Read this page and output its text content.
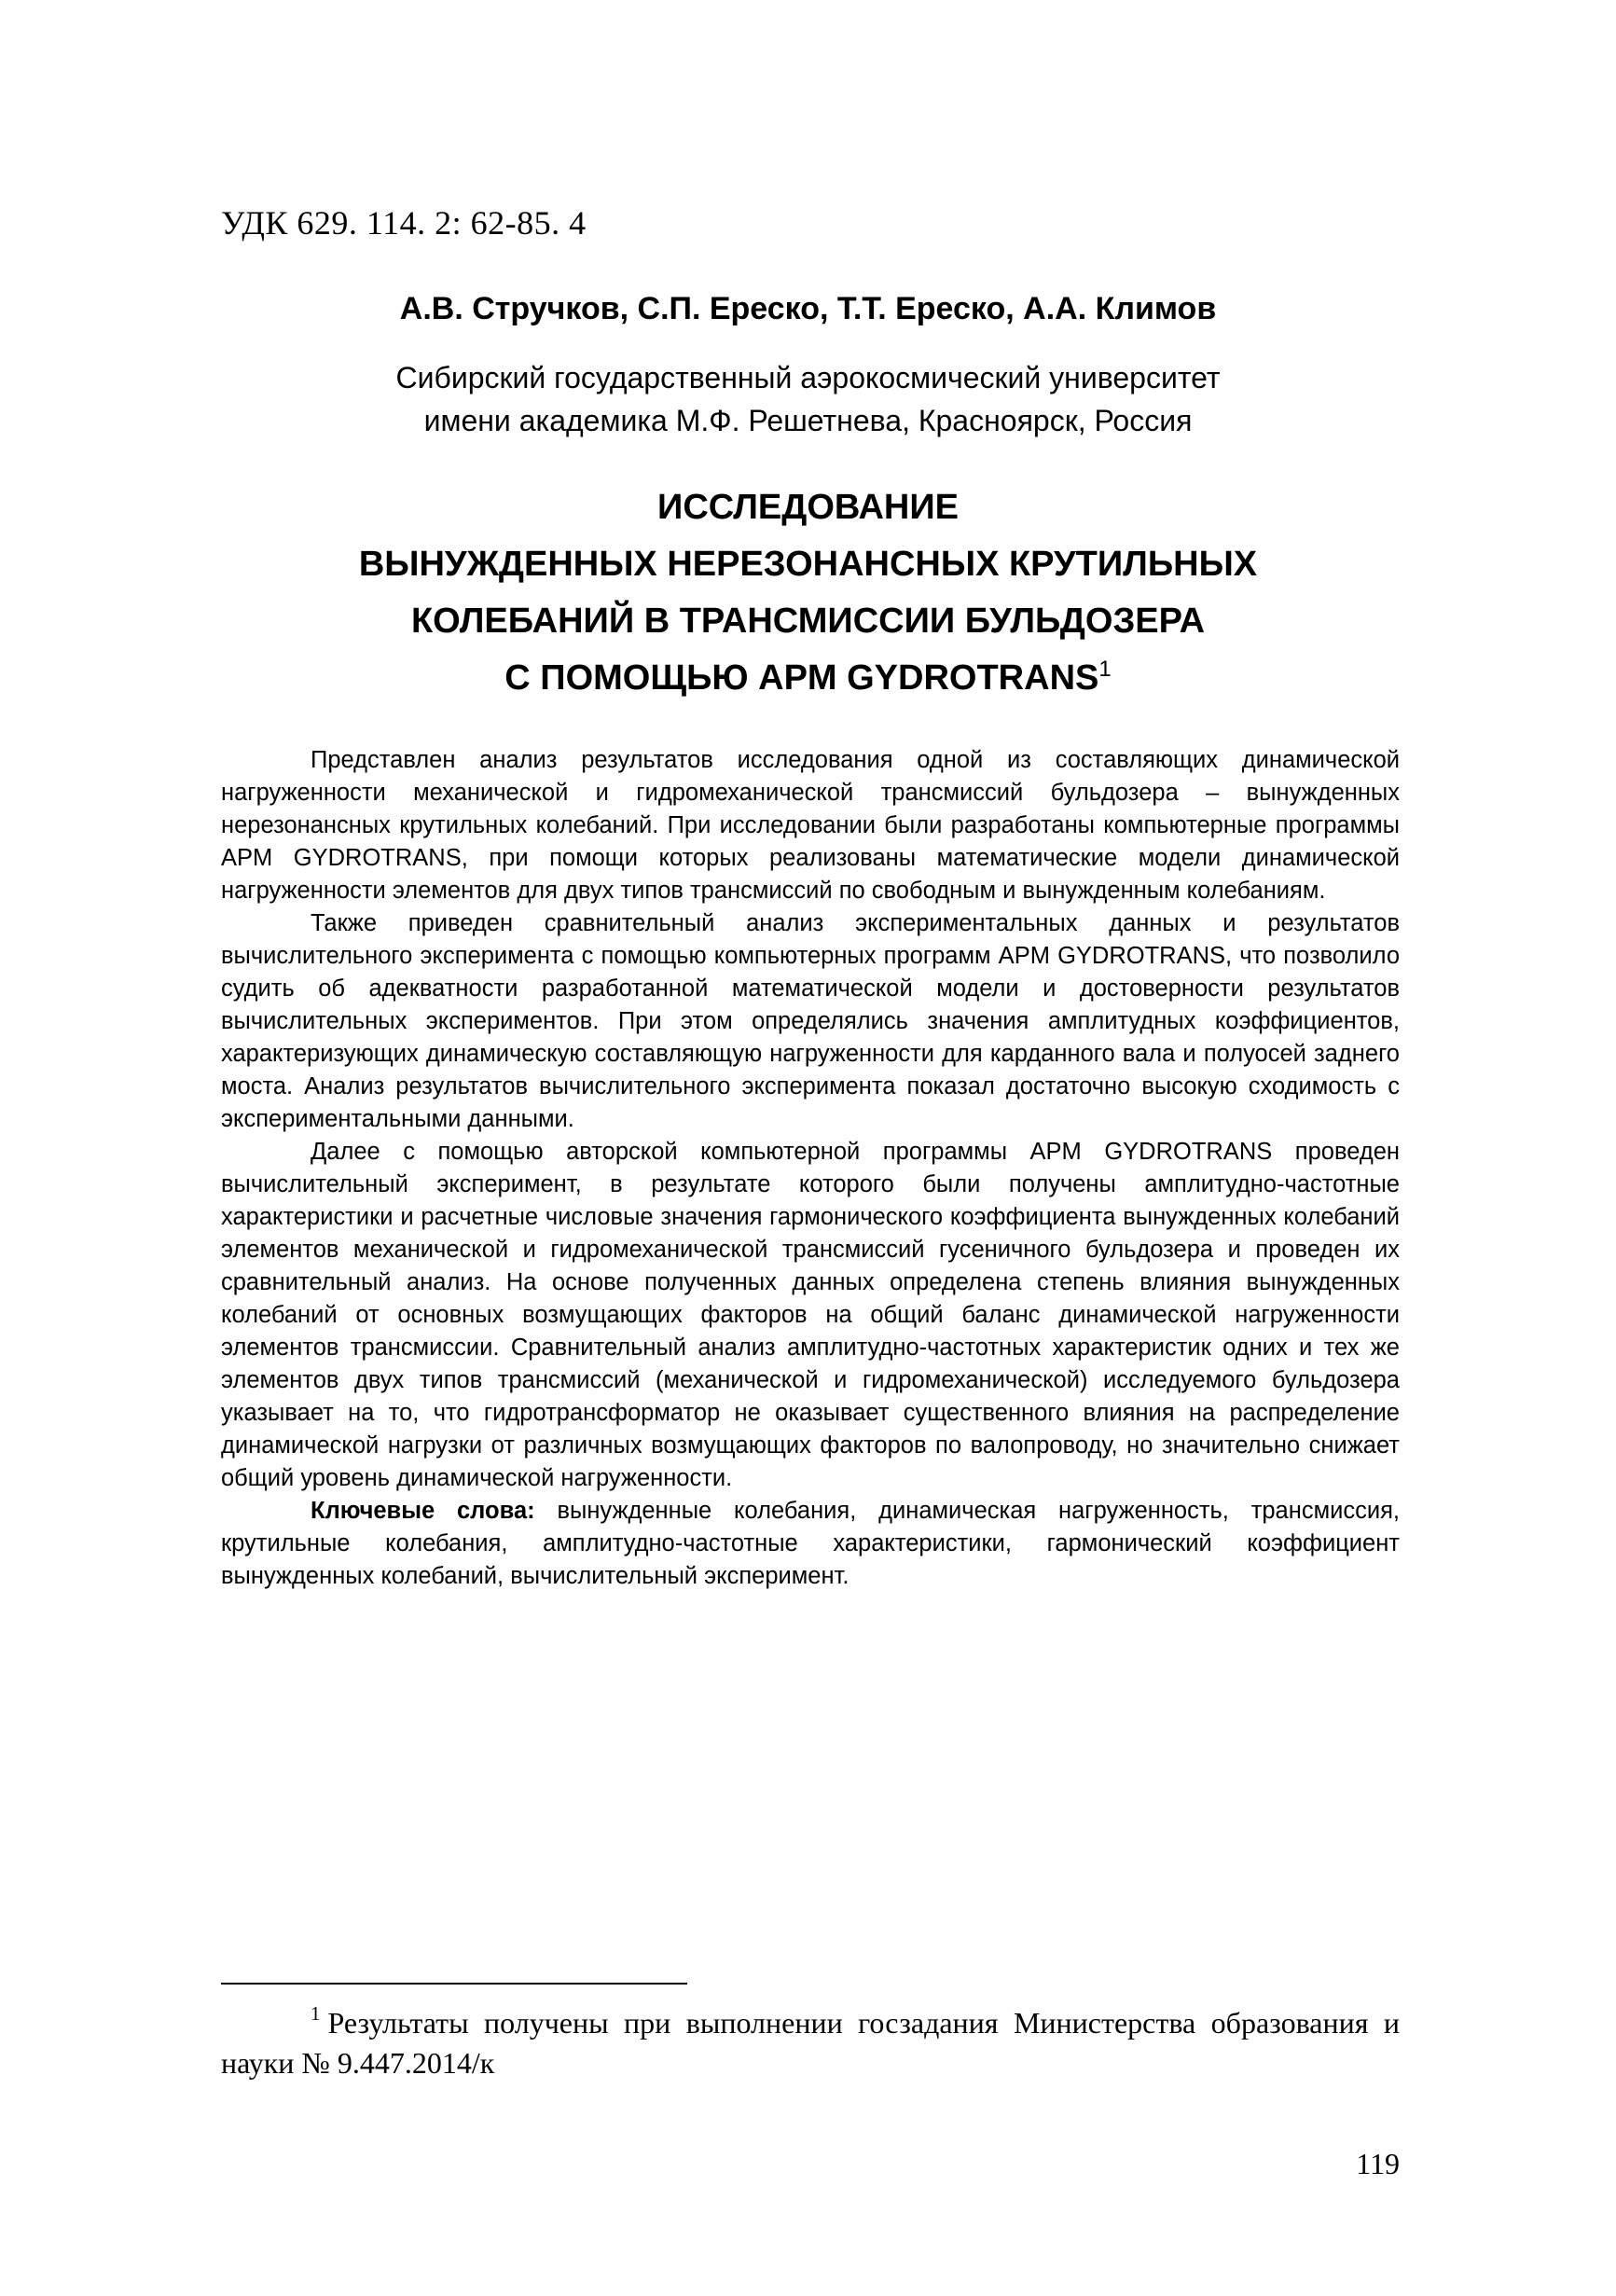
УДК 629. 114. 2: 62-85. 4
А.В. Стручков, С.П. Ереско, Т.Т. Ереско, А.А. Климов
Сибирский государственный аэрокосмический университет
имени академика М.Ф. Решетнева, Красноярск, Россия
ИССЛЕДОВАНИЕ
ВЫНУЖДЕННЫХ НЕРЕЗОНАНСНЫХ КРУТИЛЬНЫХ
КОЛЕБАНИЙ В ТРАНСМИССИИ БУЛЬДОЗЕРА
С ПОМОЩЬЮ APM GYDROTRANS$^1$

Представлен анализ результатов исследования одной из составляющих динамической нагруженности механической и гидромеханической трансмиссий бульдозера – вынужденных нерезонансных крутильных колебаний. При исследовании были разработаны компьютерные программы APM GYDROTRANS, при помощи которых реализованы математические модели динамической нагруженности элементов для двух типов трансмиссий по свободным и вынужденным колебаниям.

Также приведен сравнительный анализ экспериментальных данных и результатов вычислительного эксперимента с помощью компьютерных программ APM GYDROTRANS, что позволило судить об адекватности разработанной математической модели и достоверности результатов вычислительных экспериментов. При этом определялись значения амплитудных коэффициентов, характеризующих динамическую составляющую нагруженности для карданного вала и полуосей заднего моста. Анализ результатов вычислительного эксперимента показал достаточно высокую сходимость с экспериментальными данными.

Далее с помощью авторской компьютерной программы APM GYDROTRANS проведен вычислительный эксперимент, в результате которого были получены амплитудно-частотные характеристики и расчетные числовые значения гармонического коэффициента вынужденных колебаний элементов механической и гидромеханической трансмиссий гусеничного бульдозера и проведен их сравнительный анализ. На основе полученных данных определена степень влияния вынужденных колебаний от основных возмущающих факторов на общий баланс динамической нагруженности элементов трансмиссии. Сравнительный анализ амплитудно-частотных характеристик одних и тех же элементов двух типов трансмиссий (механической и гидромеханической) исследуемого бульдозера указывает на то, что гидротрансформатор не оказывает существенного влияния на распределение динамической нагрузки от различных возмущающих факторов по валопроводу, но значительно снижает общий уровень динамической нагруженности.

Ключевые слова: вынужденные колебания, динамическая нагруженность, трансмиссия, крутильные колебания, амплитудно-частотные характеристики, гармонический коэффициент вынужденных колебаний, вычислительный эксперимент.

$^1$ Результаты получены при выполнении госзадания Министерства образования и науки № 9.447.2014/к

119
